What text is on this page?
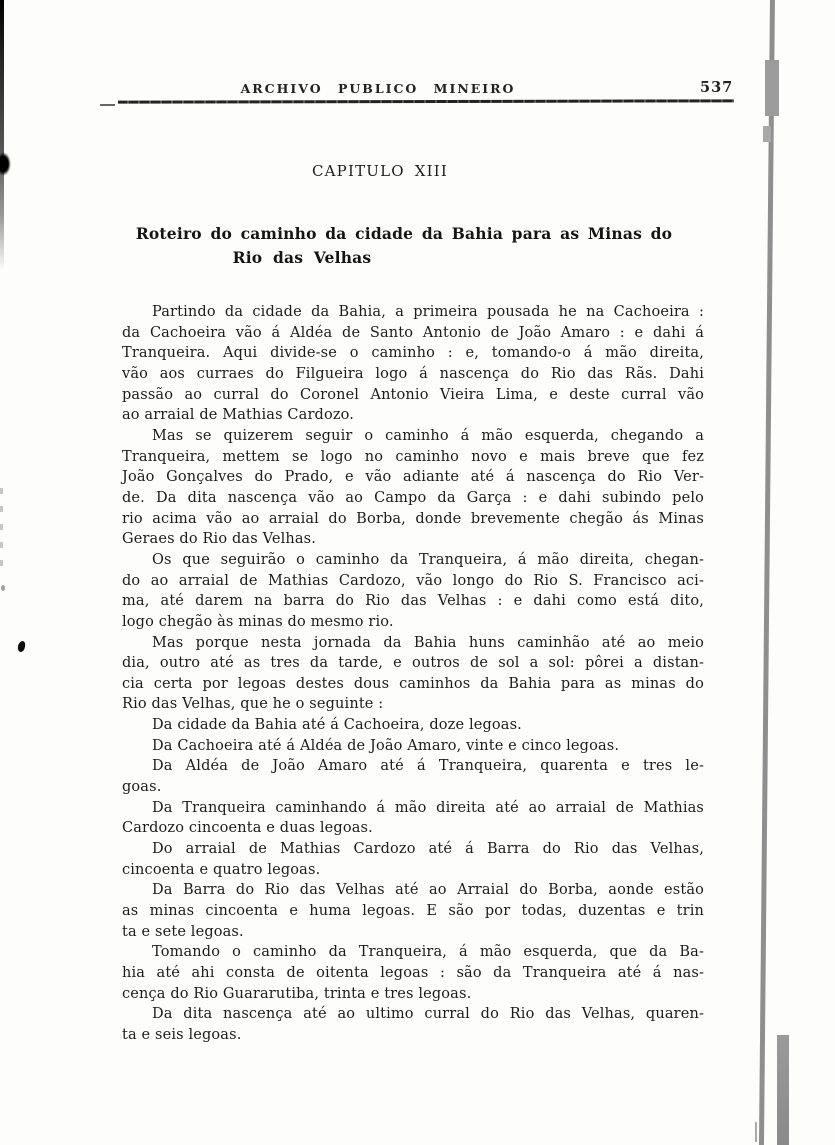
ARCHIVO PUBLICO MINEIRO	537
CAPITULO XIII
Roteiro do caminho da cidade da Bahia para as Minas do
Rio das Velhas
Partindo da cidade da Bahia, a primeira pousada he na Cachoeira :
da Cachoeira vão á Aldéa de Santo Antonio de João Amaro : e dahi á
Tranqueira. Aqui divide-se o caminho : e, tomando-o á mão direita,
vão aos curraes do Filgueira logo á nascença do Rio das Rãs. Dahi
passão ao curral do Coronel Antonio Vieira Lima, e deste curral vão
ao arraial de Mathias Cardozo.
Mas se quizerem seguir o caminho á mão esquerda, chegando a
Tranqueira, mettem se logo no caminho novo e mais breve que fez
João Gonçalves do Prado, e vão adiante até á nascença do Rio Ver-
de. Da dita nascença vão ao Campo da Garça : e dahi subindo pelo
rio acima vão ao arraial do Borba, donde brevemente chegão ás Minas
Geraes do Rio das Velhas.
Os que seguirão o caminho da Tranqueira, á mão direita, chegan-
do ao arraial de Mathias Cardozo, vão longo do Rio S. Francisco aci-
ma, até darem na barra do Rio das Velhas : e dahi como está dito,
logo chegão às minas do mesmo rio.
Mas porque nesta jornada da Bahia huns caminhão até ao meio
dia, outro até as tres da tarde, e outros de sol a sol: pôrei a distan-
cia certa por legoas destes dous caminhos da Bahia para as minas do
Rio das Velhas, que he o seguinte :
Da cidade da Bahia até á Cachoeira, doze legoas.
Da Cachoeira até á Aldéa de João Amaro, vinte e cinco legoas.
Da Aldéa de João Amaro até á Tranqueira, quarenta e tres le-
goas.
Da Tranqueira caminhando á mão direita até ao arraial de Mathias
Cardozo cincoenta e duas legoas.
Do arraial de Mathias Cardozo até á Barra do Rio das Velhas,
cincoenta e quatro legoas.
Da Barra do Rio das Velhas até ao Arraial do Borba, aonde estão
as minas cincoenta e huma legoas. E são por todas, duzentas e trin
ta e sete legoas.
Tomando o caminho da Tranqueira, á mão esquerda, que da Ba-
hia até ahi consta de oitenta legoas : são da Tranqueira até á nas-
cença do Rio Guararutiba, trinta e tres legoas.
Da dita nascença até ao ultimo curral do Rio das Velhas, quaren-
ta e seis legoas.
